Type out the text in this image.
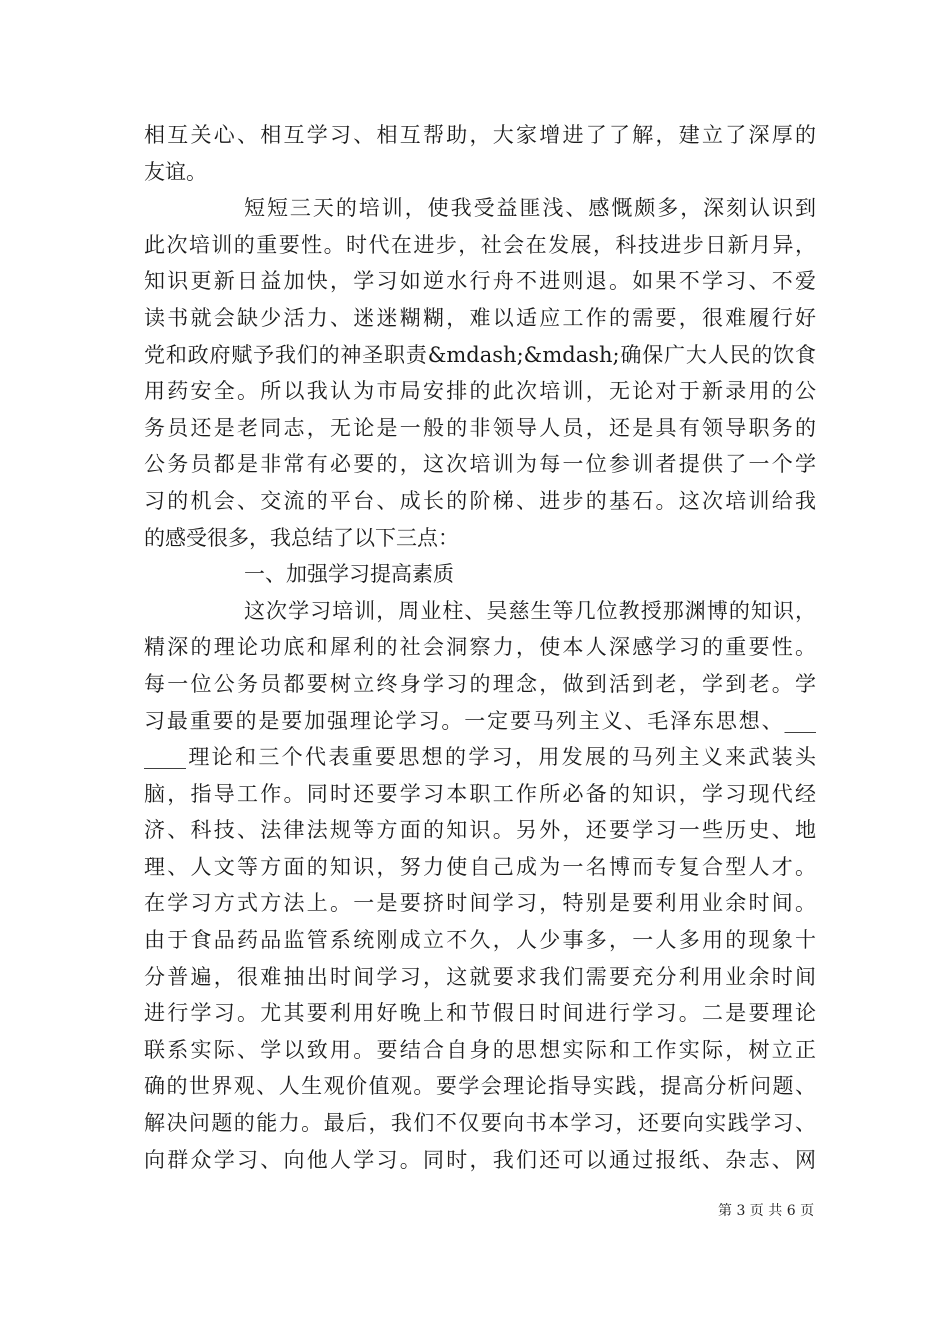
相互关心、相互学习、相互帮助，大家增进了了解，建立了深厚的
友谊。
短短三天的培训，使我受益匪浅、感慨颇多，深刻认识到
此次培训的重要性。时代在进步，社会在发展，科技进步日新月异，
知识更新日益加快，学习如逆水行舟不进则退。如果不学习、不爱
读书就会缺少活力、迷迷糊糊，难以适应工作的需要，很难履行好
党和政府赋予我们的神圣职责&mdash;&mdash;确保广大人民的饮食
用药安全。所以我认为市局安排的此次培训，无论对于新录用的公
务员还是老同志，无论是一般的非领导人员，还是具有领导职务的
公务员都是非常有必要的，这次培训为每一位参训者提供了一个学
习的机会、交流的平台、成长的阶梯、进步的基石。这次培训给我
的感受很多，我总结了以下三点：
一、加强学习提高素质
这次学习培训，周业柱、吴慈生等几位教授那渊博的知识，
精深的理论功底和犀利的社会洞察力，使本人深感学习的重要性。
每一位公务员都要树立终身学习的理念，做到活到老，学到老。学
习最重要的是要加强理论学习。一定要马列主义、毛泽东思想、___
____理论和三个代表重要思想的学习，用发展的马列主义来武装头
脑，指导工作。同时还要学习本职工作所必备的知识，学习现代经
济、科技、法律法规等方面的知识。另外，还要学习一些历史、地
理、人文等方面的知识，努力使自己成为一名博而专复合型人才。
在学习方式方法上。一是要挤时间学习，特别是要利用业余时间。
由于食品药品监管系统刚成立不久，人少事多，一人多用的现象十
分普遍，很难抽出时间学习，这就要求我们需要充分利用业余时间
进行学习。尤其要利用好晚上和节假日时间进行学习。二是要理论
联系实际、学以致用。要结合自身的思想实际和工作实际，树立正
确的世界观、人生观价值观。要学会理论指导实践，提高分析问题、
解决问题的能力。最后，我们不仅要向书本学习，还要向实践学习、
向群众学习、向他人学习。同时，我们还可以通过报纸、杂志、网
第 3 页 共 6 页
